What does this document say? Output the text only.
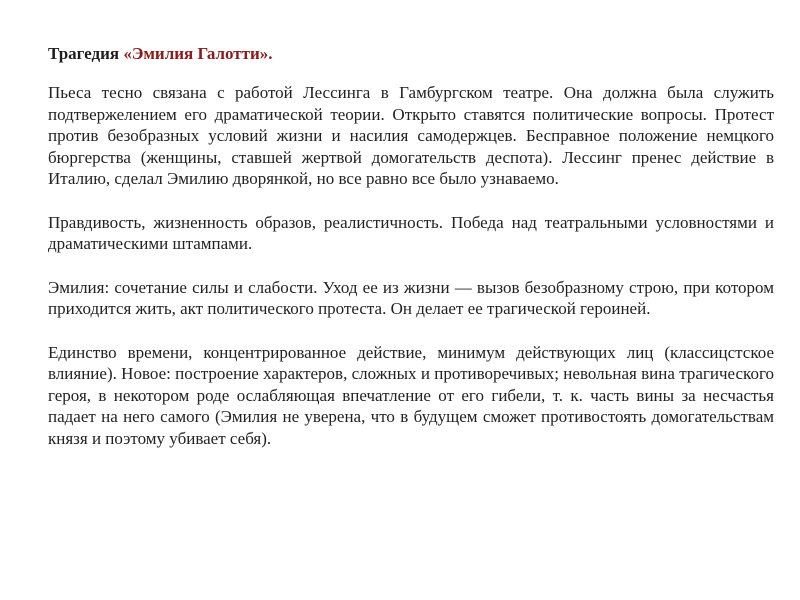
Трагедия «Эмилия Галотти».

Пьеса тесно связана с работой Лессинга в Гамбургском театре. Она должна была служить подтвержелением его драматической теории. Открыто ставятся политические вопросы. Протест против безобразных условий жизни и насилия самодержцев. Бесправное положение немцкого бюргерства (женщины, ставшей жертвой домогательств деспота). Лессинг пренес действие в Италию, сделал Эмилию дворянкой, но все равно все было узнаваемо.

Правдивость, жизненность образов, реалистичность. Победа над театральными условностями и драматическими штампами.

Эмилия: сочетание силы и слабости. Уход ее из жизни — вызов безобразному строю, при котором приходится жить, акт политического протеста. Он делает ее трагической героиней.

Единство времени, концентрированное действие, минимум действующих лиц (классицстское влияние). Новое: построение характеров, сложных и противоречивых; невольная вина трагического героя, в некотором роде ослабляющая впечатление от его гибели, т. к. часть вины за несчастья падает на него самого (Эмилия не уверена, что в будущем сможет противостоять домогательствам князя и поэтому убивает себя).
